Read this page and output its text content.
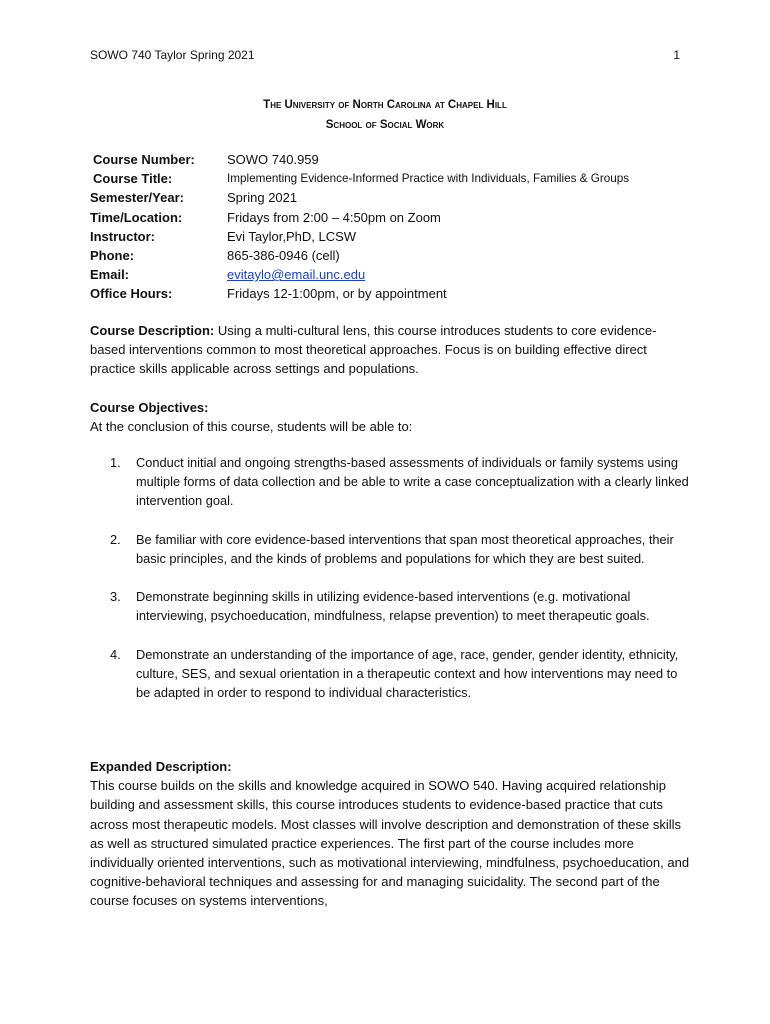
SOWO 740 Taylor Spring 2021	1
The University of North Carolina at Chapel Hill
School of Social Work
Course Number:	SOWO 740.959
Course Title:	Implementing Evidence-Informed Practice with Individuals, Families & Groups
Semester/Year:	Spring 2021
Time/Location:	Fridays from 2:00 – 4:50pm on Zoom
Instructor:	Evi Taylor,PhD, LCSW
Phone:	865-386-0946 (cell)
Email:	evitaylo@email.unc.edu
Office Hours:	Fridays 12-1:00pm, or by appointment
Course Description: Using a multi-cultural lens, this course introduces students to core evidence-based interventions common to most theoretical approaches. Focus is on building effective direct practice skills applicable across settings and populations.
Course Objectives:
At the conclusion of this course, students will be able to:
1. Conduct initial and ongoing strengths-based assessments of individuals or family systems using multiple forms of data collection and be able to write a case conceptualization with a clearly linked intervention goal.
2. Be familiar with core evidence-based interventions that span most theoretical approaches, their basic principles, and the kinds of problems and populations for which they are best suited.
3. Demonstrate beginning skills in utilizing evidence-based interventions (e.g. motivational interviewing, psychoeducation, mindfulness, relapse prevention) to meet therapeutic goals.
4. Demonstrate an understanding of the importance of age, race, gender, gender identity, ethnicity, culture, SES, and sexual orientation in a therapeutic context and how interventions may need to be adapted in order to respond to individual characteristics.
Expanded Description:
This course builds on the skills and knowledge acquired in SOWO 540. Having acquired relationship building and assessment skills, this course introduces students to evidence-based practice that cuts across most therapeutic models. Most classes will involve description and demonstration of these skills as well as structured simulated practice experiences. The first part of the course includes more individually oriented interventions, such as motivational interviewing, mindfulness, psychoeducation, and cognitive-behavioral techniques and assessing for and managing suicidality. The second part of the course focuses on systems interventions,
